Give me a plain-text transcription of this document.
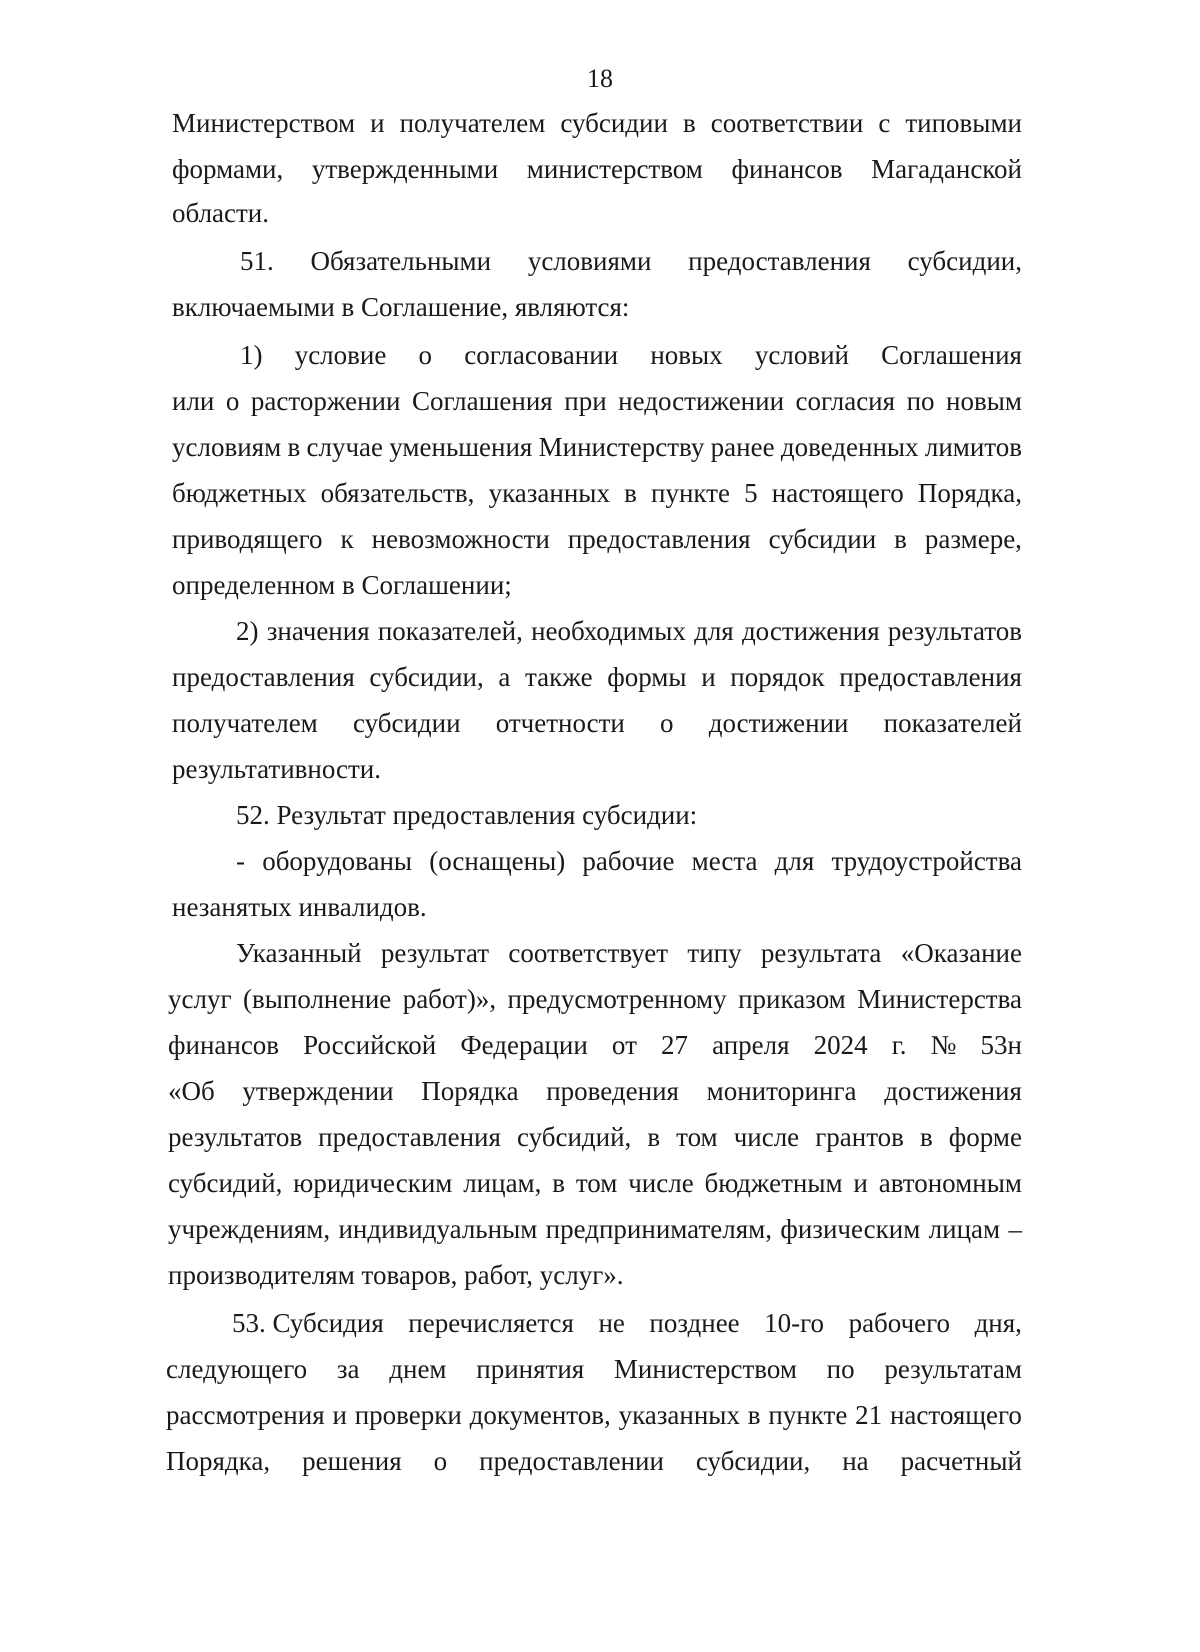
18
Министерством и получателем субсидии в соответствии с типовыми
формами, утвержденными министерством финансов Магаданской
области.
51. Обязательными условиями предоставления субсидии,
включаемыми в Соглашение, являются:
1) условие о согласовании новых условий Соглашения
или о расторжении Соглашения при недостижении согласия по новым
условиям в случае уменьшения Министерству ранее доведенных лимитов
бюджетных обязательств, указанных в пункте 5 настоящего Порядка,
приводящего к невозможности предоставления субсидии в размере,
определенном в Соглашении;
2) значения показателей, необходимых для достижения результатов
предоставления субсидии, а также формы и порядок предоставления
получателем субсидии отчетности о достижении показателей
результативности.
52. Результат предоставления субсидии:
- оборудованы (оснащены) рабочие места для трудоустройства
незанятых инвалидов.
Указанный результат соответствует типу результата «Оказание
услуг (выполнение работ)», предусмотренному приказом Министерства
финансов Российской Федерации от 27 апреля 2024 г. № 53н
«Об утверждении Порядка проведения мониторинга достижения
результатов предоставления субсидий, в том числе грантов в форме
субсидий, юридическим лицам, в том числе бюджетным и автономным
учреждениям, индивидуальным предпринимателям, физическим лицам –
производителям товаров, работ, услуг».
53. Субсидия перечисляется не позднее 10-го рабочего дня,
следующего за днем принятия Министерством по результатам
рассмотрения и проверки документов, указанных в пункте 21 настоящего
Порядка, решения о предоставлении субсидии, на расчетный
